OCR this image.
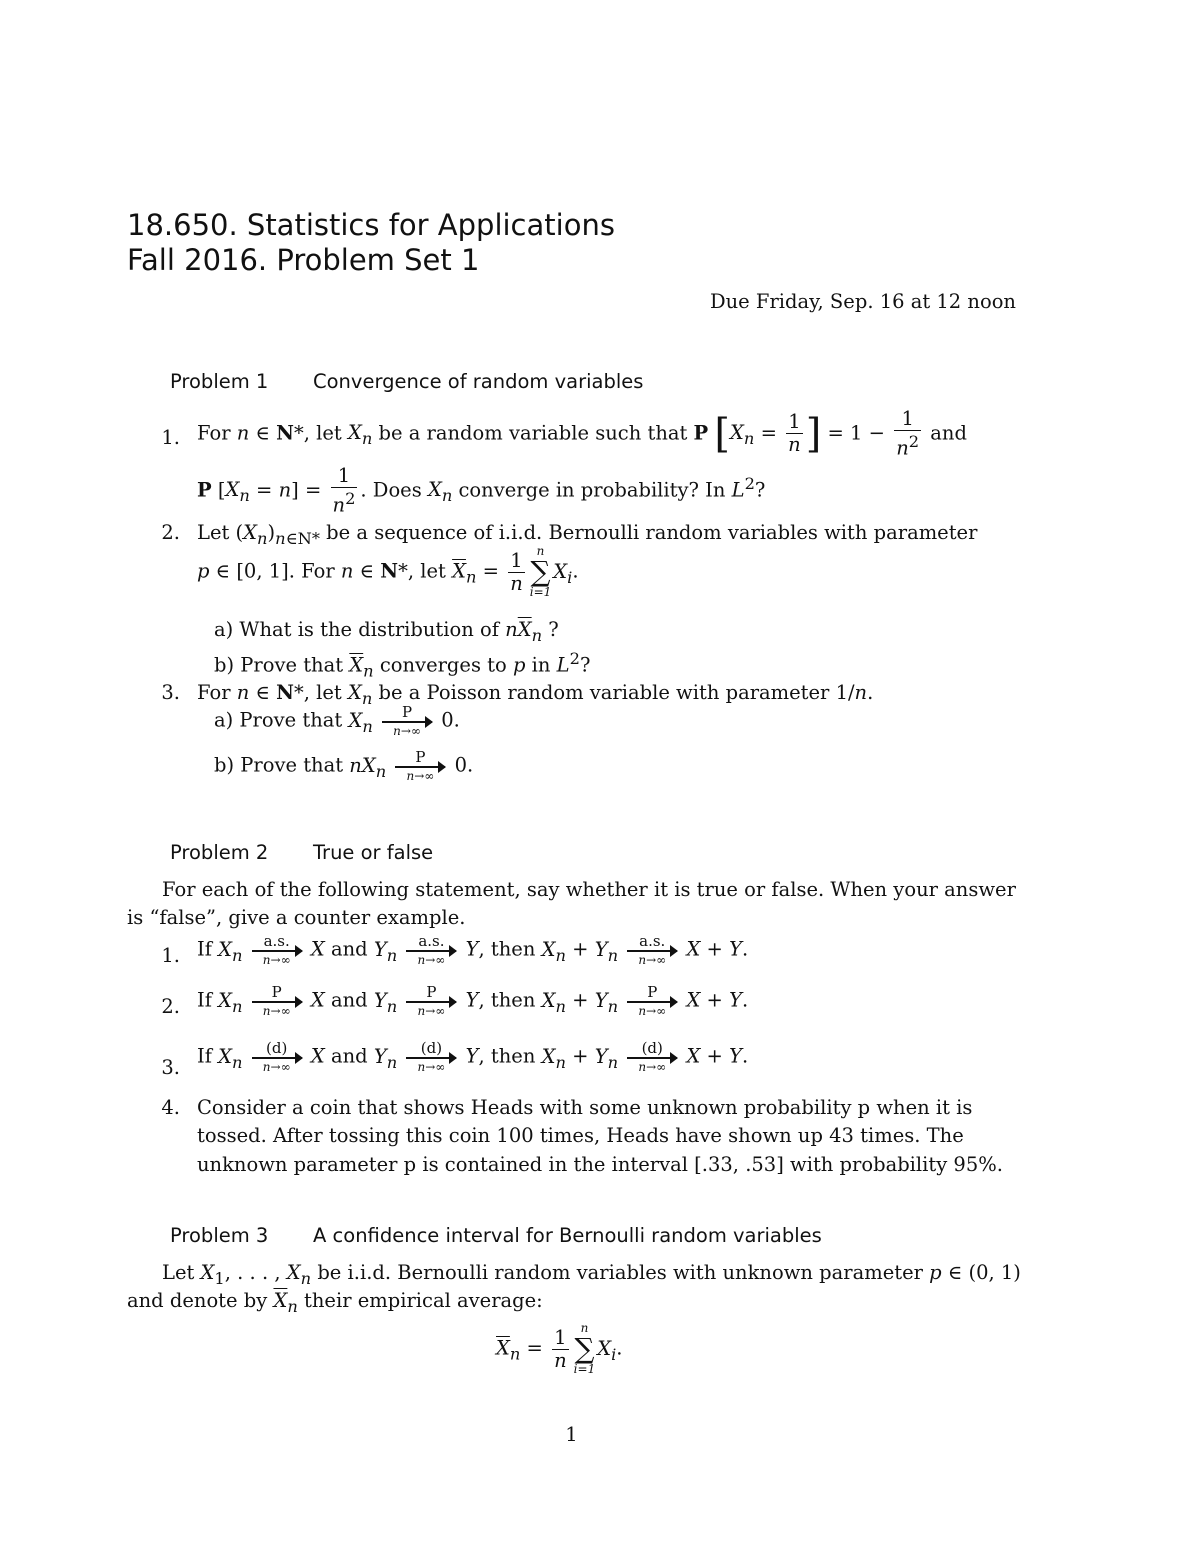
18.650. Statistics for Applications
Fall 2016. Problem Set 1
Due Friday, Sep. 16 at 12 noon
Problem 1 Convergence of random variables
1. For n ∈ N*, let $X_n$ be a random variable such that P [$X_n = \frac{1}{n}$ ] = $1 - \frac{1}{n^2}$ and
P $[X_n = n] = \frac{1}{n^2}$ . Does $X_n$ converge in probability? In $L^2$?
2. Let $(X_n)_{n\in N*}$ be a sequence of i.i.d. Bernoulli random variables with parameter
p ∈ [0, 1]. For n ∈ N*, let $\overline{X}_n = \frac{1}{n}$ n
∑
i=1
$X_i$.
a) What is the distribution of $n\overline{X}_n$ ?
b) Prove that $\overline{X}_n$ converges to p in $L^2$?
3. For n ∈ N*, let $X_n$ be a Poisson random variable with parameter 1/n.
a) Prove that $X_n$
P
n→∞ 0.
b) Prove that $nX_n$
P
n→∞ 0.
Problem 2 True or false
For each of the following statement, say whether it is true or false. When your answer
is “false”, give a counter example.
1. If $X_n$
a.s.
n→∞	X and $Y_n$
a.s.
n→∞	Y, then $X_n + Y_n$
a.s.
n→∞	X + Y.
2. If $X_n$
P
n→∞	X and $Y_n$
P
n→∞	Y, then $X_n + Y_n$
P
n→∞	X + Y.
3. If $X_n$
(d)
n→∞	X and $Y_n$
(d)
n→∞	Y, then $X_n + Y_n$
(d)
n→∞	X + Y.
4. Consider a coin that shows Heads with some unknown probability p when it is
tossed. After tossing this coin 100 times, Heads have shown up 43 times. The
unknown parameter p is contained in the interval [.33, .53] with probability 95%.
Problem 3 A confidence interval for Bernoulli random variables
Let $X_1$, . . . , $X_n$ be i.i.d. Bernoulli random variables with unknown parameter p ∈ (0, 1)
and denote by $\overline{X}_n$ their empirical average:
$\overline{X}_n = \frac{1}{n}$ n
∑
i=1
$X_i$.
1
